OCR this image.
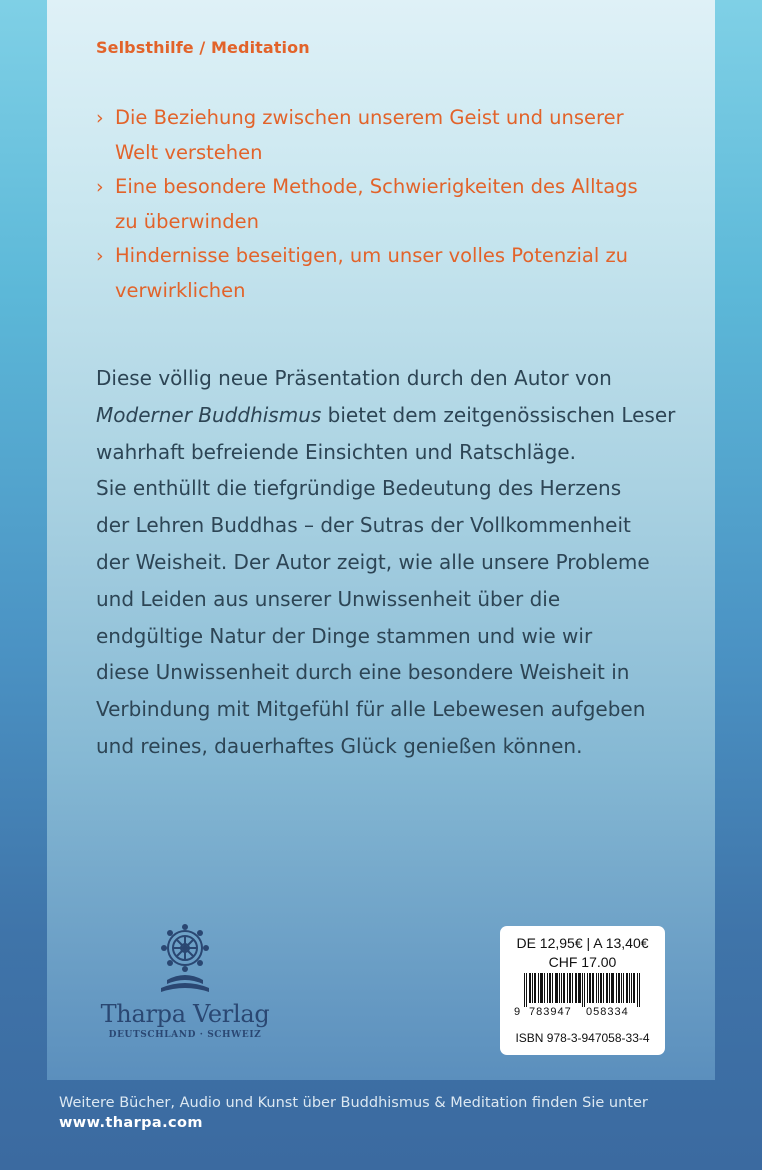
Selbsthilfe / Meditation
› Die Beziehung zwischen unserem Geist und unserer
Welt verstehen
› Eine besondere Methode, Schwierigkeiten des Alltags
zu überwinden
› Hindernisse beseitigen, um unser volles Potenzial zu
verwirklichen

Diese völlig neue Präsentation durch den Autor von

Moderner Buddhismus bietet dem zeitgenössischen Leser

wahrhaft befreiende Einsichten und Ratschläge.

Sie enthüllt die tiefgründige Bedeutung des Herzens

der Lehren Buddhas – der Sutras der Vollkommenheit

der Weisheit. Der Autor zeigt, wie alle unsere Probleme

und Leiden aus unserer Unwissenheit über die

endgültige Natur der Dinge stammen und wie wir

diese Unwissenheit durch eine besondere Weisheit in

Verbindung mit Mitgefühl für alle Lebewesen aufgeben

und reines, dauerhaftes Glück genießen können.

Tharpa Verlag
DEUTSCHLAND · SCHWEIZ
DE 12,95€ | A 13,40€
CHF 17.00
9 783947 058334
ISBN 978-3-947058-33-4
Weitere Bücher, Audio und Kunst über Buddhismus & Meditation finden Sie unter
www.tharpa.com
